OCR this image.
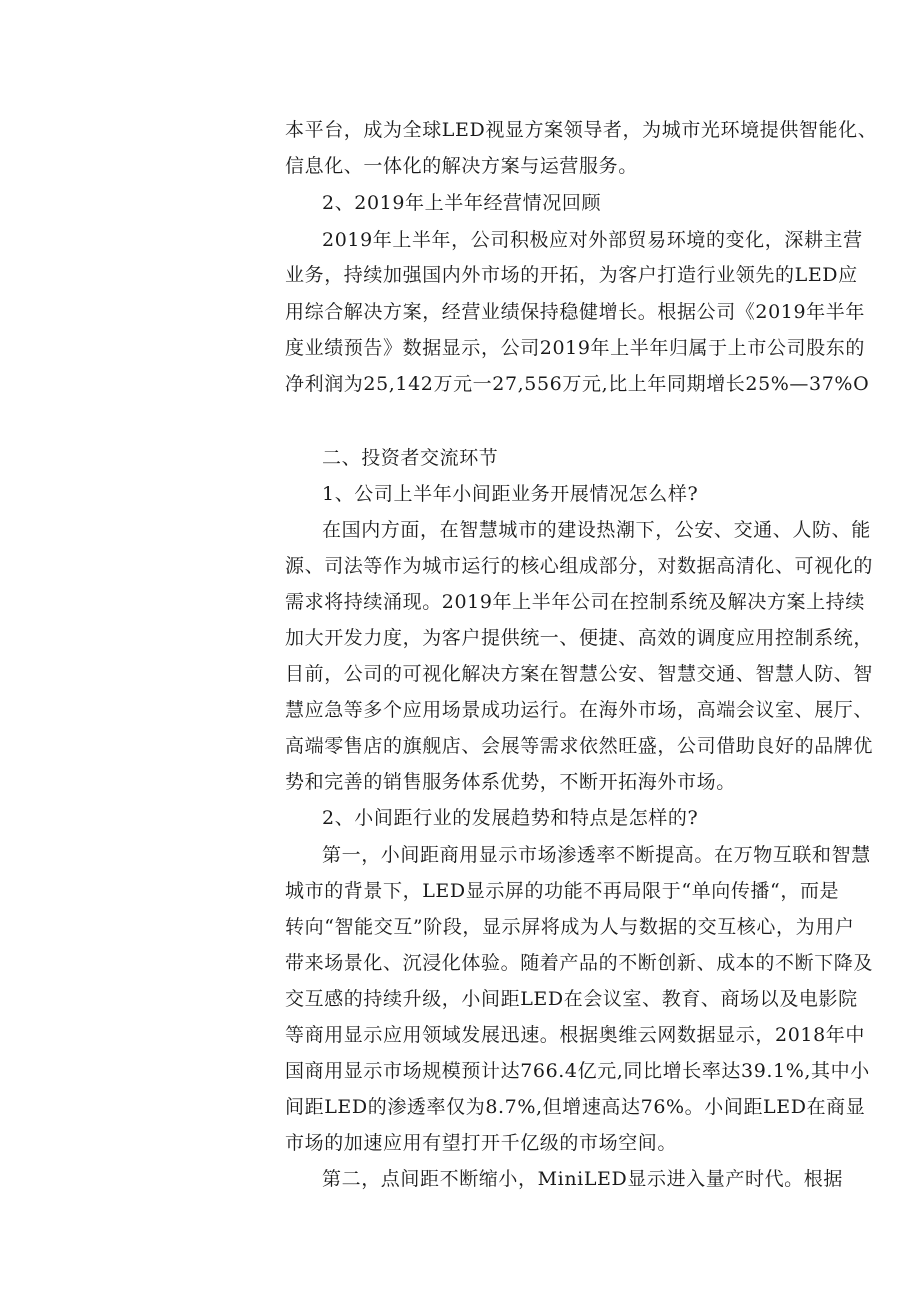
本平台，成为全球LED视显方案领导者，为城市光环境提供智能化、
信息化、一体化的解决方案与运营服务。
2、2019年上半年经营情况回顾
2019年上半年，公司积极应对外部贸易环境的变化，深耕主营
业务，持续加强国内外市场的开拓，为客户打造行业领先的LED应
用综合解决方案，经营业绩保持稳健增长。根据公司《2019年半年
度业绩预告》数据显示，公司2019年上半年归属于上市公司股东的
净利润为25,142万元一27,556万元,比上年同期增长25%—37%O
二、投资者交流环节
1、公司上半年小间距业务开展情况怎么样?
在国内方面，在智慧城市的建设热潮下，公安、交通、人防、能
源、司法等作为城市运行的核心组成部分，对数据高清化、可视化的
需求将持续涌现。2019年上半年公司在控制系统及解决方案上持续
加大开发力度，为客户提供统一、便捷、高效的调度应用控制系统，
目前，公司的可视化解决方案在智慧公安、智慧交通、智慧人防、智
慧应急等多个应用场景成功运行。在海外市场，高端会议室、展厅、
高端零售店的旗舰店、会展等需求依然旺盛，公司借助良好的品牌优
势和完善的销售服务体系优势，不断开拓海外市场。
2、小间距行业的发展趋势和特点是怎样的?
第一，小间距商用显示市场渗透率不断提高。在万物互联和智慧
城市的背景下，LED显示屏的功能不再局限于“单向传播“，而是
转向“智能交互”阶段，显示屏将成为人与数据的交互核心，为用户
带来场景化、沉浸化体验。随着产品的不断创新、成本的不断下降及
交互感的持续升级，小间距LED在会议室、教育、商场以及电影院
等商用显示应用领域发展迅速。根据奥维云网数据显示，2018年中
国商用显示市场规模预计达766.4亿元,同比增长率达39.1%,其中小
间距LED的渗透率仅为8.7%,但增速高达76%。小间距LED在商显
市场的加速应用有望打开千亿级的市场空间。
第二，点间距不断缩小，MiniLED显示进入量产时代。根据
